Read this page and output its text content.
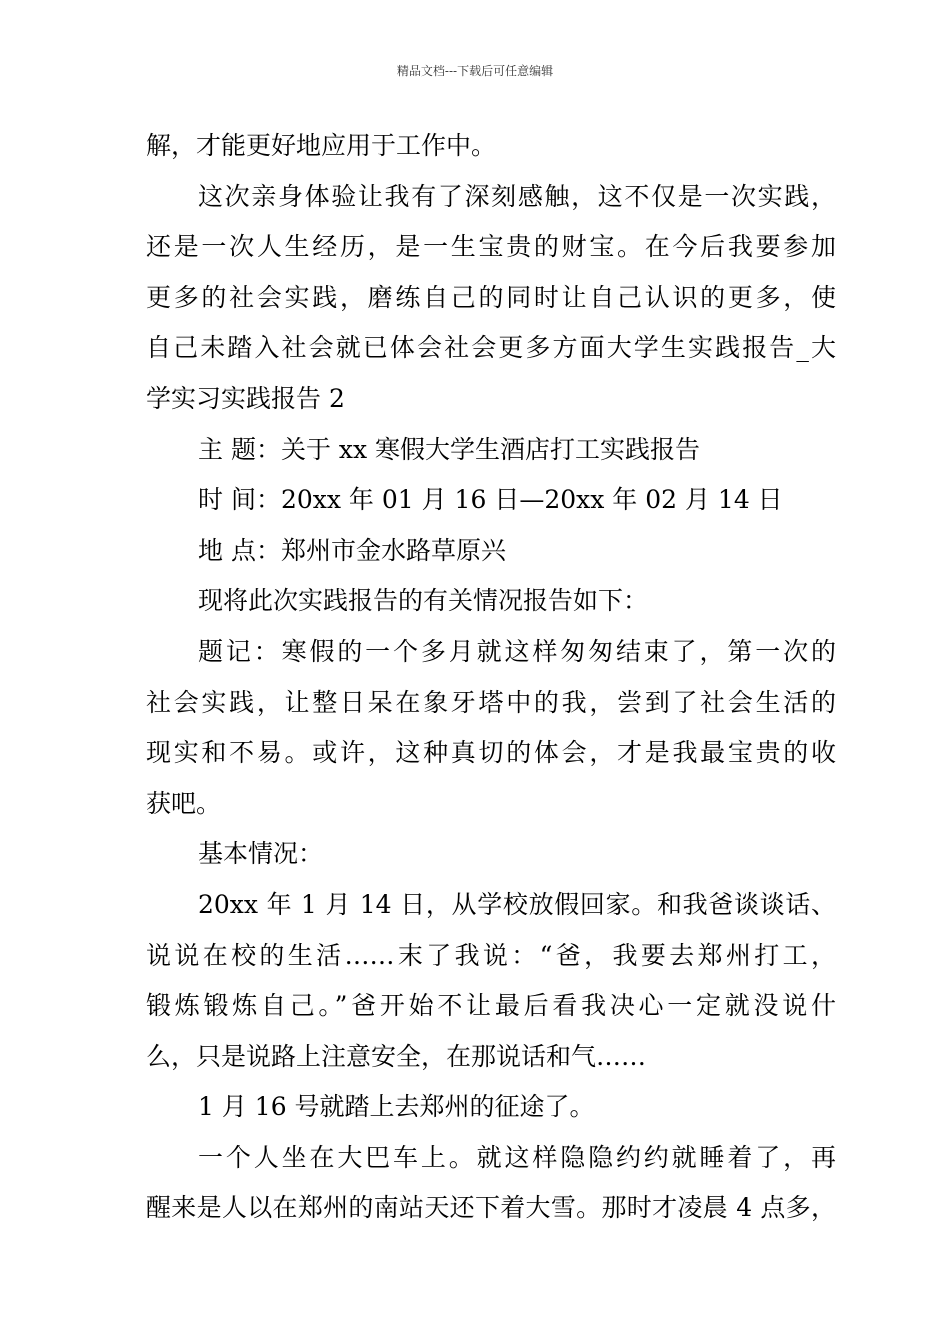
精品文档---下载后可任意编辑
解，才能更好地应用于工作中。
这次亲身体验让我有了深刻感触，这不仅是一次实践，
还是一次人生经历，是一生宝贵的财宝。在今后我要参加
更多的社会实践，磨练自己的同时让自己认识的更多，使
自己未踏入社会就已体会社会更多方面大学生实践报告_大
学实习实践报告 2
主 题：关于 xx 寒假大学生酒店打工实践报告
时 间：20xx 年 01 月 16 日—20xx 年 02 月 14 日
地 点：郑州市金水路草原兴
现将此次实践报告的有关情况报告如下：
题记：寒假的一个多月就这样匆匆结束了，第一次的
社会实践，让整日呆在象牙塔中的我，尝到了社会生活的
现实和不易。或许，这种真切的体会，才是我最宝贵的收
获吧。
基本情况：
20xx 年 1 月 14 日，从学校放假回家。和我爸谈谈话、
说说在校的生活……末了我说：“爸，我要去郑州打工，
锻炼锻炼自己。”爸开始不让最后看我决心一定就没说什
么，只是说路上注意安全，在那说话和气……
1 月 16 号就踏上去郑州的征途了。
一个人坐在大巴车上。就这样隐隐约约就睡着了，再
醒来是人以在郑州的南站天还下着大雪。那时才凌晨 4 点多，
